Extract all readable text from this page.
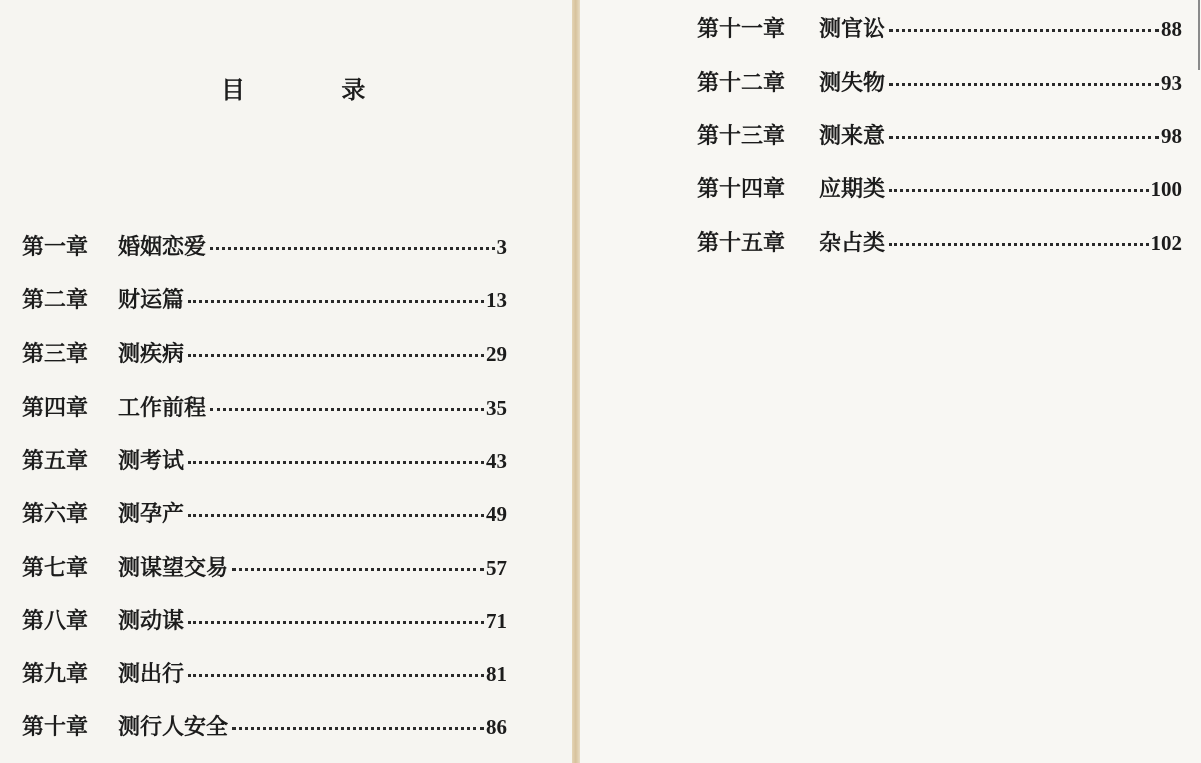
目 录
第一章	婚姻恋爱	3
第二章	财运篇	13
第三章	测疾病	29
第四章	工作前程	35
第五章	测考试	43
第六章	测孕产	49
第七章	测谋望交易	57
第八章	测动谋	71
第九章	测出行	81
第十章	测行人安全	86
第十一章	测官讼	88
第十二章	测失物	93
第十三章	测来意	98
第十四章	应期类	100
第十五章	杂占类	102
